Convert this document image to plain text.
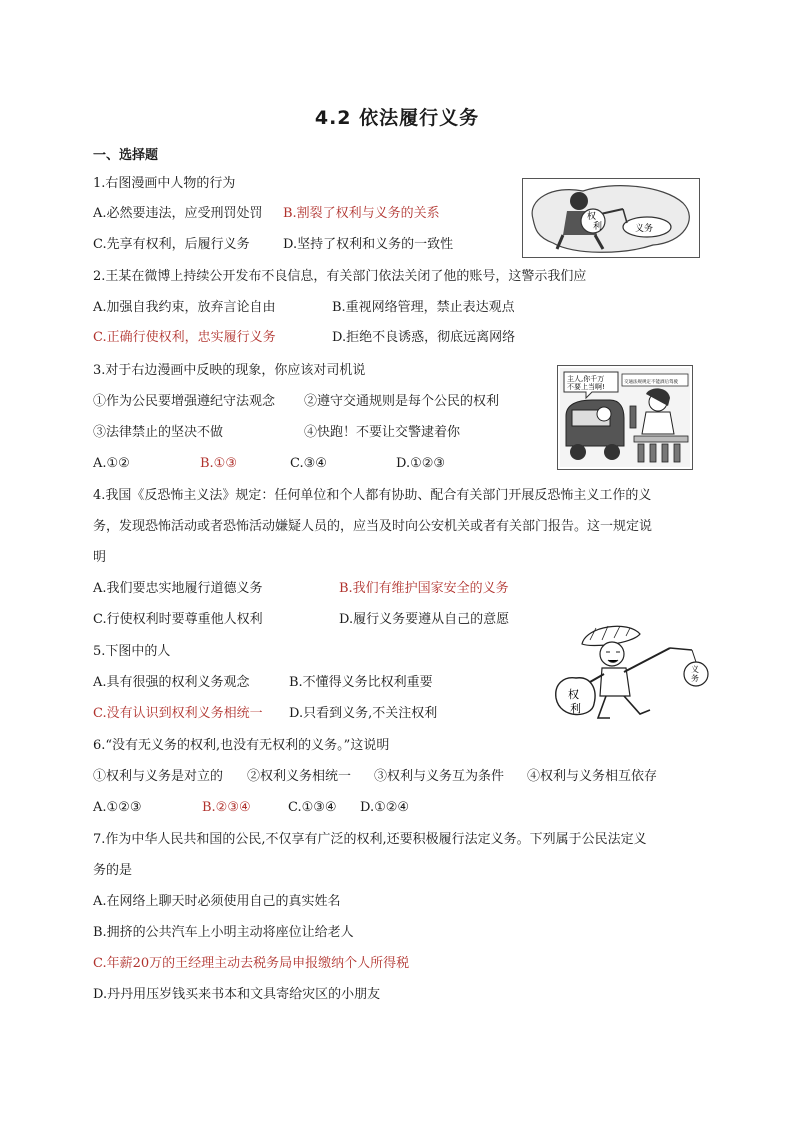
4.2 依法履行义务
一、选择题
1.右图漫画中人物的行为
A.必然要违法，应受刑罚处罚 B.割裂了权利与义务的关系
C.先享有权利，后履行义务	D.坚持了权利和义务的一致性
权
利	义务
2.王某在微博上持续公开发布不良信息，有关部门依法关闭了他的账号，这警示我们应
A.加强自我约束，放弃言论自由	B.重视网络管理，禁止表达观点
C.正确行使权利，忠实履行义务	D.拒绝不良诱惑，彻底远离网络
3.对于右边漫画中反映的现象，你应该对司机说
①作为公民要增强遵纪守法观念 ②遵守交通规则是每个公民的权利
③法律禁止的坚决不做	④快跑！不要让交警逮着你
A.①②	B.①③	C.③④	D.①②③
主人,你千万
不要上当啊!
交通法规规定不能酒后驾驶
4.我国《反恐怖主义法》规定：任何单位和个人都有协助、配合有关部门开展反恐怖主义工作的义
务，发现恐怖活动或者恐怖活动嫌疑人员的，应当及时向公安机关或者有关部门报告。这一规定说
明
A.我们要忠实地履行道德义务	B.我们有维护国家安全的义务
C.行使权利时要尊重他人权利	D.履行义务要遵从自己的意愿
5.下图中的人
A.具有很强的权利义务观念	B.不懂得义务比权利重要
C.没有认识到权利义务相统一 D.只看到义务,不关注权利
义
务
权
利
6.“没有无义务的权利,也没有无权利的义务。”这说明
①权利与义务是对立的 ②权利义务相统一 ③权利与义务互为条件 ④权利与义务相互依存
A.①②③	B.②③④	C.①③④ D.①②④
7.作为中华人民共和国的公民,不仅享有广泛的权利,还要积极履行法定义务。下列属于公民法定义
务的是
A.在网络上聊天时必须使用自己的真实姓名
B.拥挤的公共汽车上小明主动将座位让给老人
C.年薪20万的王经理主动去税务局申报缴纳个人所得税
D.丹丹用压岁钱买来书本和文具寄给灾区的小朋友
